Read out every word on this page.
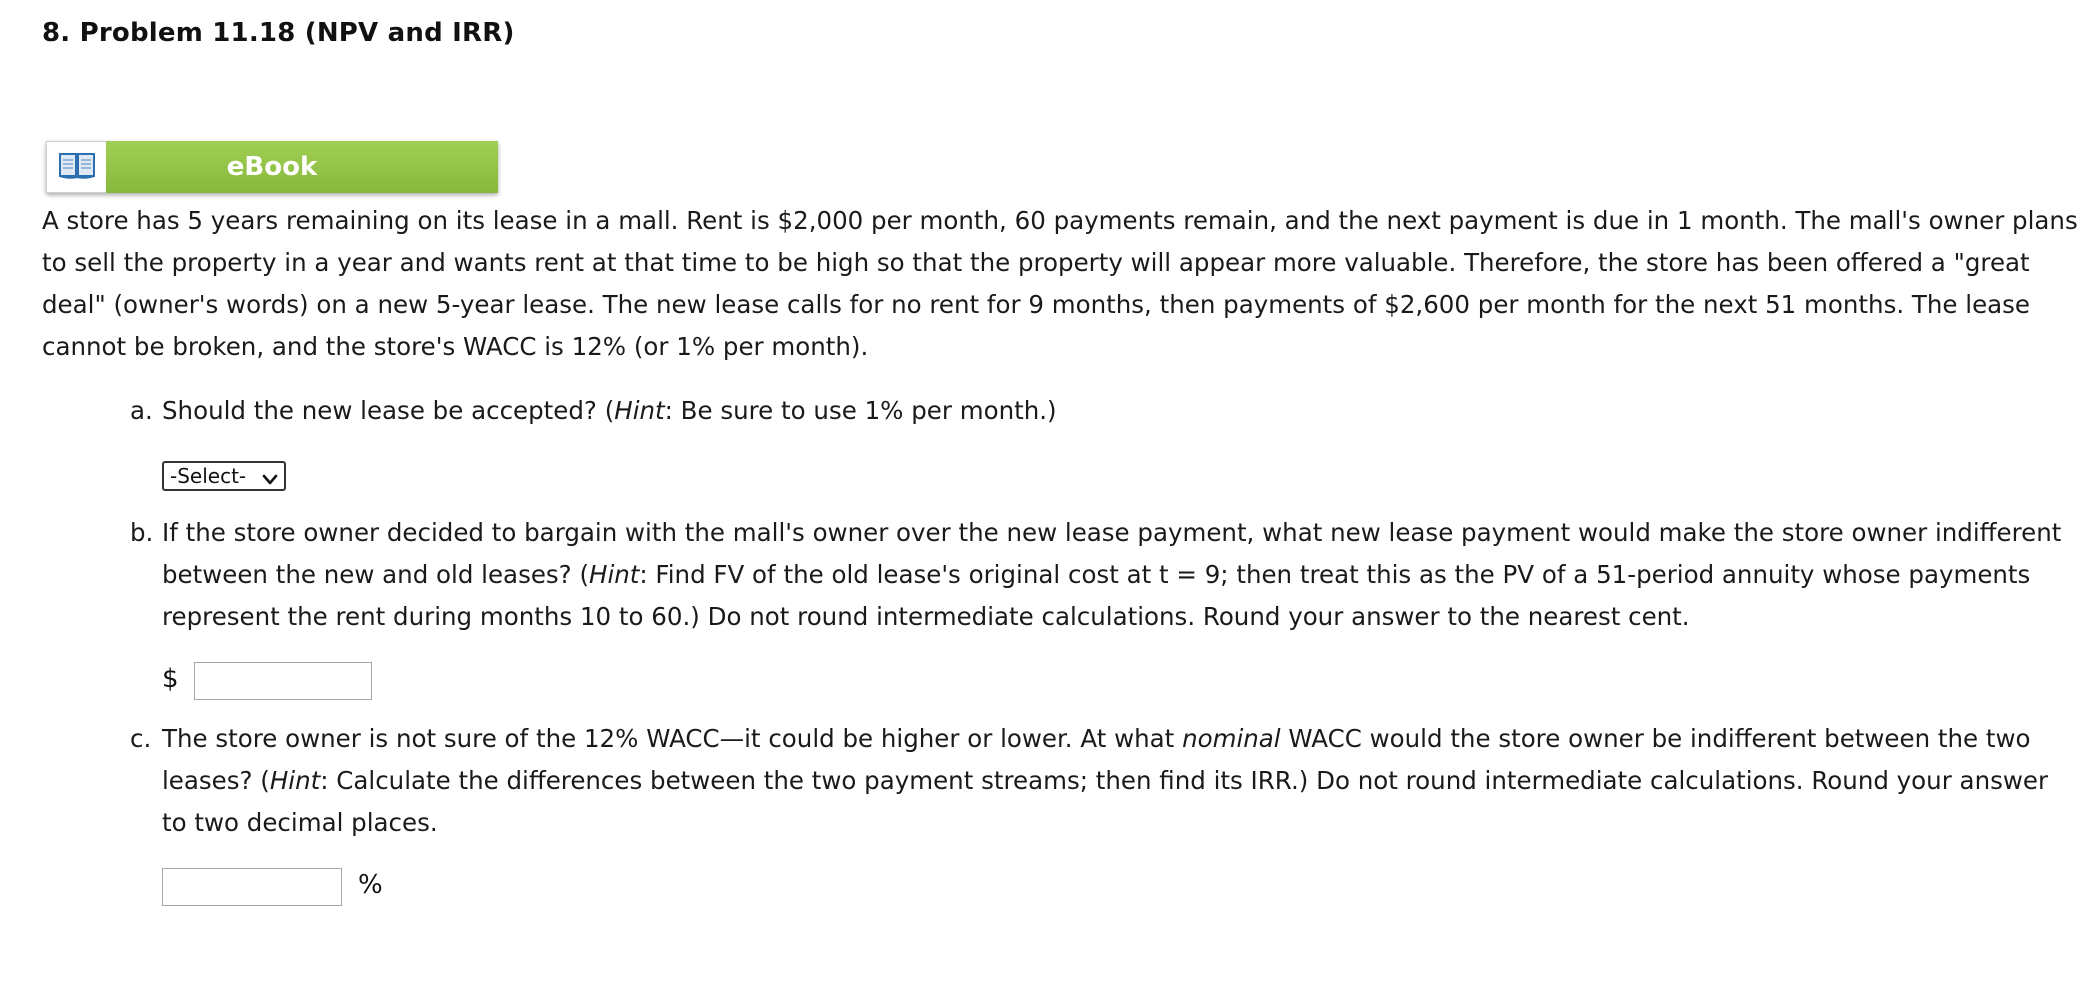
8. Problem 11.18 (NPV and IRR)
eBook
A store has 5 years remaining on its lease in a mall. Rent is $2,000 per month, 60 payments remain, and the next payment is due in 1 month. The mall's owner plans to sell the property in a year and wants rent at that time to be high so that the property will appear more valuable. Therefore, the store has been offered a "great deal" (owner's words) on a new 5-year lease. The new lease calls for no rent for 9 months, then payments of $2,600 per month for the next 51 months. The lease cannot be broken, and the store's WACC is 12% (or 1% per month).
a. Should the new lease be accepted? (Hint: Be sure to use 1% per month.)
-Select-
b. If the store owner decided to bargain with the mall's owner over the new lease payment, what new lease payment would make the store owner indifferent between the new and old leases? (Hint: Find FV of the old lease's original cost at t = 9; then treat this as the PV of a 51-period annuity whose payments represent the rent during months 10 to 60.) Do not round intermediate calculations. Round your answer to the nearest cent.
$
c. The store owner is not sure of the 12% WACC—it could be higher or lower. At what nominal WACC would the store owner be indifferent between the two leases? (Hint: Calculate the differences between the two payment streams; then find its IRR.) Do not round intermediate calculations. Round your answer to two decimal places.
%
